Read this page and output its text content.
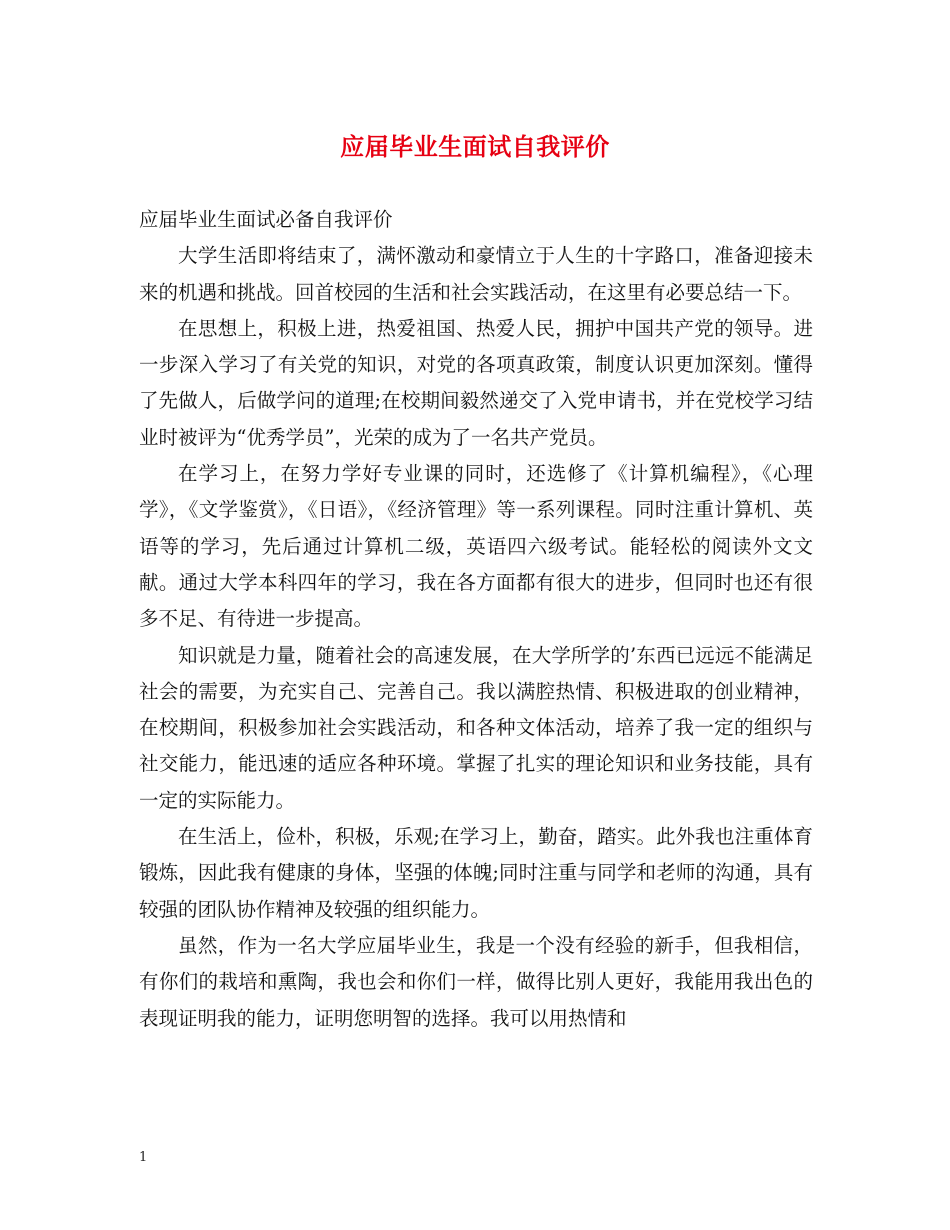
应届毕业生面试自我评价

应届毕业生面试必备自我评价

大学生活即将结束了，满怀激动和豪情立于人生的十字路口，准备迎接未来的机遇和挑战。回首校园的生活和社会实践活动，在这里有必要总结一下。

在思想上，积极上进，热爱祖国、热爱人民，拥护中国共产党的领导。进一步深入学习了有关党的知识，对党的各项真政策，制度认识更加深刻。懂得了先做人，后做学问的道理;在校期间毅然递交了入党申请书，并在党校学习结业时被评为“优秀学员”，光荣的成为了一名共产党员。

在学习上，在努力学好专业课的同时，还选修了《计算机编程》，《心理学》，《文学鉴赏》，《日语》，《经济管理》等一系列课程。同时注重计算机、英语等的学习，先后通过计算机二级，英语四六级考试。能轻松的阅读外文文献。通过大学本科四年的学习，我在各方面都有很大的进步，但同时也还有很多不足、有待进一步提高。

知识就是力量，随着社会的高速发展，在大学所学的’东西已远远不能满足社会的需要，为充实自己、完善自己。我以满腔热情、积极进取的创业精神，在校期间，积极参加社会实践活动，和各种文体活动，培养了我一定的组织与社交能力，能迅速的适应各种环境。掌握了扎实的理论知识和业务技能，具有一定的实际能力。

在生活上，俭朴，积极，乐观;在学习上，勤奋，踏实。此外我也注重体育锻炼，因此我有健康的身体，坚强的体魄;同时注重与同学和老师的沟通，具有较强的团队协作精神及较强的组织能力。

虽然，作为一名大学应届毕业生，我是一个没有经验的新手，但我相信，有你们的栽培和熏陶，我也会和你们一样，做得比别人更好，我能用我出色的表现证明我的能力，证明您明智的选择。我可以用热情和

1
